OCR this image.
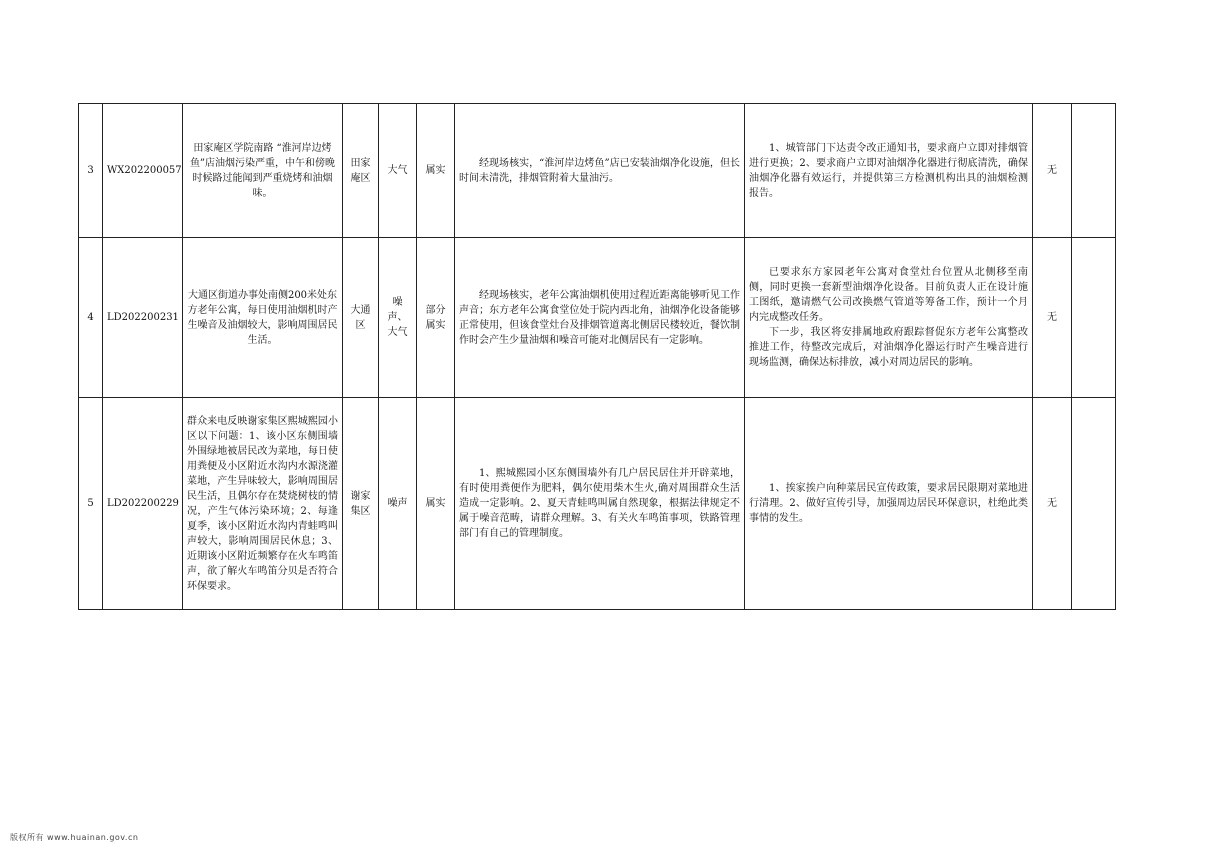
3	WX202200057	田家庵区学院南路 “淮河岸边烤鱼”店油烟污染严重，中午和傍晚时候路过能闻到严重烧烤和油烟味。	田家庵区	大气	属实	经现场核实，“淮河岸边烤鱼”店已安装油烟净化设施，但长时间未清洗，排烟管附着大量油污。	1、城管部门下达责令改正通知书，要求商户立即对排烟管进行更换；2、要求商户立即对油烟净化器进行彻底清洗，确保油烟净化器有效运行，并提供第三方检测机构出具的油烟检测报告。	无	
4	LD202200231	大通区街道办事处南侧200米处东方老年公寓，每日使用油烟机时产生噪音及油烟较大，影响周围居民生活。	大通区	噪声、大气	部分属实	经现场核实，老年公寓油烟机使用过程近距离能够听见工作声音；东方老年公寓食堂位处于院内西北角，油烟净化设备能够正常使用，但该食堂灶台及排烟管道离北侧居民楼较近，餐饮制作时会产生少量油烟和噪音可能对北侧居民有一定影响。	已要求东方家园老年公寓对食堂灶台位置从北侧移至南侧，同时更换一套新型油烟净化设备。目前负责人正在设计施工图纸，邀请燃气公司改换燃气管道等筹备工作，预计一个月内完成整改任务。
下一步，我区将安排属地政府跟踪督促东方老年公寓整改推进工作，待整改完成后，对油烟净化器运行时产生噪音进行现场监测，确保达标排放，减小对周边居民的影响。	无	
5	LD202200229	群众来电反映谢家集区熙城熙园小区以下问题：1、该小区东侧围墙外围绿地被居民改为菜地，每日使用粪便及小区附近水沟内水源浇灌菜地，产生异味较大，影响周围居民生活，且偶尔存在焚烧树枝的情况，产生气体污染环境；2、每逢夏季，该小区附近水沟内青蛙鸣叫声较大，影响周围居民休息；3、近期该小区附近频繁存在火车鸣笛声，欲了解火车鸣笛分贝是否符合环保要求。	谢家集区	噪声	属实	1、熙城熙园小区东侧围墙外有几户居民居住并开辟菜地，有时使用粪便作为肥料，偶尔使用柴木生火,确对周围群众生活造成一定影响。2、夏天青蛙鸣叫属自然现象，根据法律规定不属于噪音范畴，请群众理解。3、有关火车鸣笛事项，铁路管理部门有自己的管理制度。	1、挨家挨户向种菜居民宣传政策，要求居民限期对菜地进行清理。2、做好宣传引导，加强周边居民环保意识，杜绝此类事情的发生。	无	
版权所有 www.huainan.gov.cn
